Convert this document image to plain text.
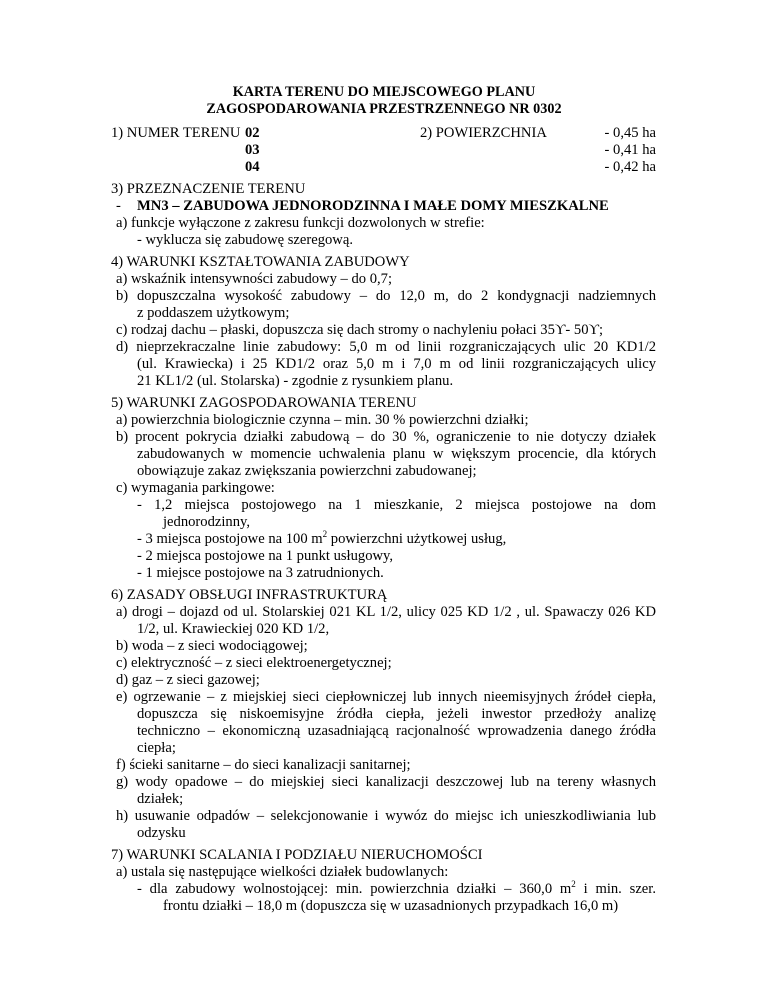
KARTA TERENU DO MIEJSCOWEGO PLANU
ZAGOSPODAROWANIA PRZESTRZENNEGO NR 0302
1) NUMER TERENU 02
03
04
2) POWIERZCHNIA	- 0,45 ha
- 0,41 ha
- 0,42 ha
3) PRZEZNACZENIE TERENU
- MN3 – ZABUDOWA JEDNORODZINNA I MAŁE DOMY MIESZKALNE
a) funkcje wyłączone z zakresu funkcji dozwolonych w strefie:
- wyklucza się zabudowę szeregową.
4) WARUNKI KSZTAŁTOWANIA ZABUDOWY
a) wskaźnik intensywności zabudowy – do 0,7;
b) dopuszczalna wysokość zabudowy – do 12,0 m, do 2 kondygnacji nadziemnych
z poddaszem użytkowym;
c) rodzaj dachu – płaski, dopuszcza się dach stromy o nachyleniu połaci 35ϒ- 50ϒ;
d) nieprzekraczalne linie zabudowy: 5,0 m od linii rozgraniczających ulic 20 KD1/2
(ul. Krawiecka) i 25 KD1/2 oraz 5,0 m i 7,0 m od linii rozgraniczających ulicy
21 KL1/2 (ul. Stolarska) - zgodnie z rysunkiem planu.
5) WARUNKI ZAGOSPODAROWANIA TERENU
a) powierzchnia biologicznie czynna – min. 30 % powierzchni działki;
b) procent pokrycia działki zabudową – do 30 %, ograniczenie to nie dotyczy działek
zabudowanych w momencie uchwalenia planu w większym procencie, dla których
obowiązuje zakaz zwiększania powierzchni zabudowanej;
c) wymagania parkingowe:
- 1,2 miejsca postojowego na 1 mieszkanie, 2 miejsca postojowe na dom
jednorodzinny,
- 3 miejsca postojowe na 100 $m^2$ powierzchni użytkowej usług,
- 2 miejsca postojowe na 1 punkt usługowy,
- 1 miejsce postojowe na 3 zatrudnionych.
6) ZASADY OBSŁUGI INFRASTRUKTURĄ
a) drogi – dojazd od ul. Stolarskiej 021 KL 1/2, ulicy 025 KD 1/2 , ul. Spawaczy 026 KD
1/2, ul. Krawieckiej 020 KD 1/2,
b) woda – z sieci wodociągowej;
c) elektryczność – z sieci elektroenergetycznej;
d) gaz – z sieci gazowej;
e) ogrzewanie – z miejskiej sieci ciepłowniczej lub innych nieemisyjnych źródeł ciepła,
dopuszcza się niskoemisyjne źródła ciepła, jeżeli inwestor przedłoży analizę
techniczno – ekonomiczną uzasadniającą racjonalność wprowadzenia danego źródła
ciepła;
f) ścieki sanitarne – do sieci kanalizacji sanitarnej;
g) wody opadowe – do miejskiej sieci kanalizacji deszczowej lub na tereny własnych
działek;
h) usuwanie odpadów – selekcjonowanie i wywóz do miejsc ich unieszkodliwiania lub
odzysku
7) WARUNKI SCALANIA I PODZIAŁU NIERUCHOMOŚCI
a) ustala się następujące wielkości działek budowlanych:
- dla zabudowy wolnostojącej: min. powierzchnia działki – 360,0 $m^2$ i min. szer.
frontu działki – 18,0 m (dopuszcza się w uzasadnionych przypadkach 16,0 m)
